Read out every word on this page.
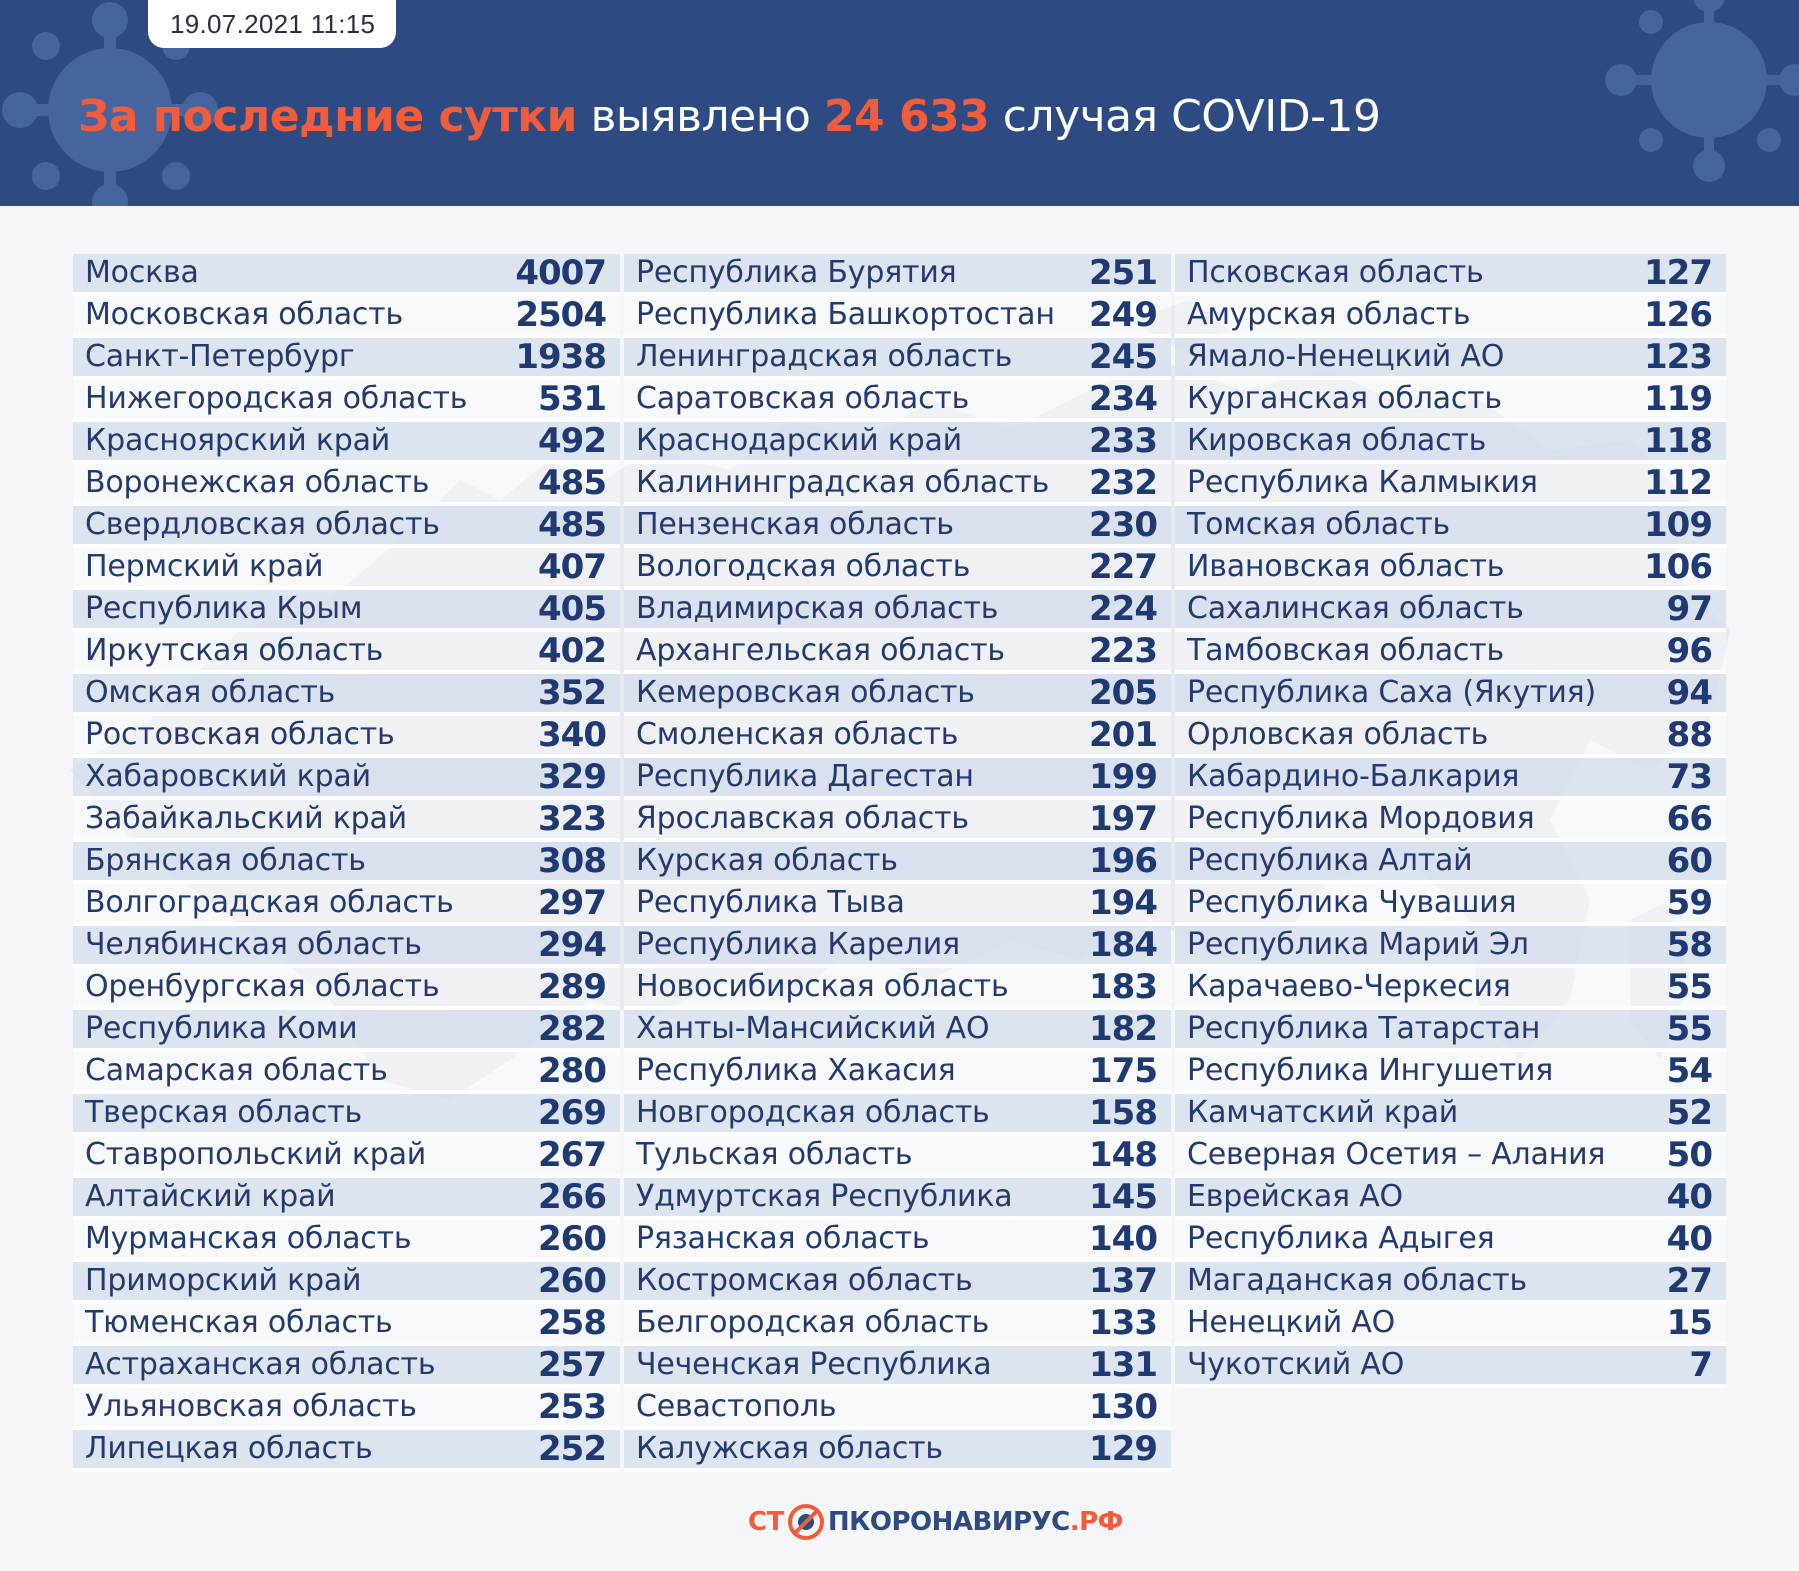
19.07.2021 11:15
За последние сутки выявлено 24 633 случая COVID-19
Москва	4007
Московская область	2504
Санкт-Петербург	1938
Нижегородская область 531
Красноярский край	492
Воронежская область	485
Свердловская область	485
Пермский край	407
Республика Крым	405
Иркутская область	402
Омская область	352
Ростовская область	340
Хабаровский край	329
Забайкальский край	323
Брянская область	308
Волгоградская область 297
Челябинская область	294
Оренбургская область	289
Республика Коми	282
Самарская область	280
Тверская область	269
Ставропольский край	267
Алтайский край	266
Мурманская область	260
Приморский край	260
Тюменская область	258
Астраханская область	257
Ульяновская область	253
Липецкая область	252
Республика Бурятия	251
Республика Башкортостан 249
Ленинградская область 245
Саратовская область	234
Краснодарский край	233
Калининградская область 232
Пензенская область	230
Вологодская область	227
Владимирская область	224
Архангельская область 223
Кемеровская область	205
Смоленская область	201
Республика Дагестан	199
Ярославская область	197
Курская область	196
Республика Тыва	194
Республика Карелия	184
Новосибирская область 183
Ханты-Мансийский АО	182
Республика Хакасия	175
Новгородская область	158
Тульская область	148
Удмуртская Республика 145
Рязанская область	140
Костромская область	137
Белгородская область	133
Чеченская Республика	131
Севастополь	130
Калужская область	129
Псковская область	127
Амурская область	126
Ямало-Ненецкий АО	123
Курганская область	119
Кировская область	118
Республика Калмыкия	112
Томская область	109
Ивановская область	106
Сахалинская область	97
Тамбовская область	96
Республика Саха (Якутия) 94
Орловская область	88
Кабардино-Балкария	73
Республика Мордовия	66
Республика Алтай	60
Республика Чувашия	59
Республика Марий Эл	58
Карачаево-Черкесия	55
Республика Татарстан	55
Республика Ингушетия	54
Камчатский край	52
Северная Осетия – Алания 50
Еврейская АО	40
Республика Адыгея	40
Магаданская область	27
Ненецкий АО	15
Чукотский АО	7
СТ ПКОРОНАВИРУС .РФ
